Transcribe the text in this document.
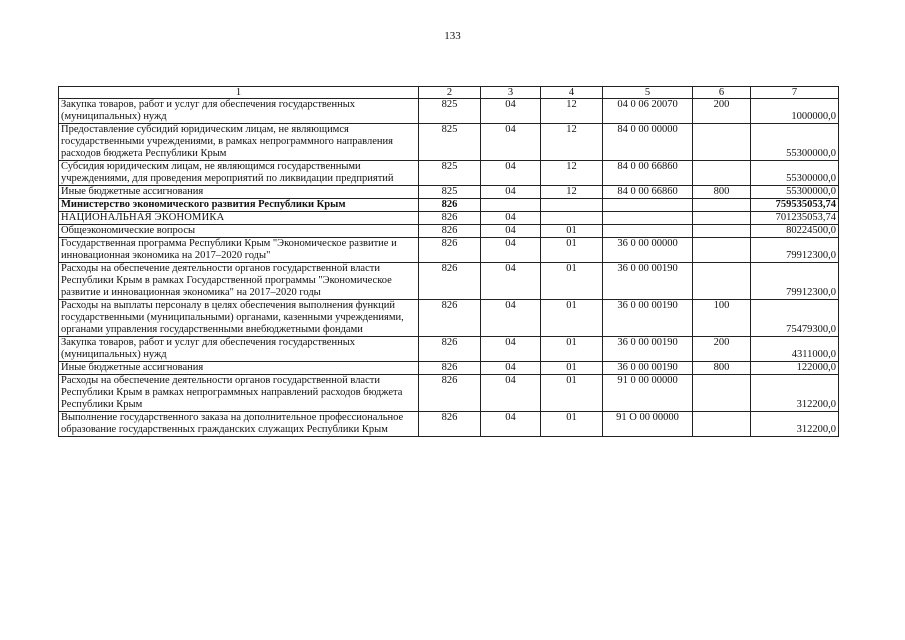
133
1	2	3	4	5	6	7
Закупка товаров, работ и услуг для обеспечения государственных (муниципальных) нужд	825	04	12	04 0 06 20070	200	1000000,0
Предоставление субсидий юридическим лицам, не являющимся государственными учреждениями, в рамках непрограммного направления расходов бюджета Республики Крым	825	04	12	84 0 00 00000		55300000,0
Субсидия юридическим лицам, не являющимся государственными учреждениями, для проведения мероприятий по ликвидации предприятий	825	04	12	84 0 00 66860		55300000,0
Иные бюджетные ассигнования	825	04	12	84 0 00 66860	800	55300000,0
Министерство экономического развития Республики Крым	826					759535053,74
НАЦИОНАЛЬНАЯ ЭКОНОМИКА	826	04				701235053,74
Общеэкономические вопросы	826	04	01			80224500,0
Государственная программа Республики Крым "Экономическое развитие и инновационная экономика на 2017–2020 годы"	826	04	01	36 0 00 00000		79912300,0
Расходы на обеспечение деятельности органов государственной власти Республики Крым в рамках Государственной программы "Экономическое развитие и инновационная экономика" на 2017–2020 годы	826	04	01	36 0 00 00190		79912300,0
Расходы на выплаты персоналу в целях обеспечения выполнения функций государственными (муниципальными) органами, казенными учреждениями, органами управления государственными внебюджетными фондами	826	04	01	36 0 00 00190	100	75479300,0
Закупка товаров, работ и услуг для обеспечения государственных (муниципальных) нужд	826	04	01	36 0 00 00190	200	4311000,0
Иные бюджетные ассигнования	826	04	01	36 0 00 00190	800	122000,0
Расходы на обеспечение деятельности органов государственной власти Республики Крым в рамках непрограммных направлений расходов бюджета Республики Крым	826	04	01	91 0 00 00000		312200,0
Выполнение государственного заказа на дополнительное профессиональное образование государственных гражданских служащих Республики Крым	826	04	01	91 О 00 00000		312200,0
